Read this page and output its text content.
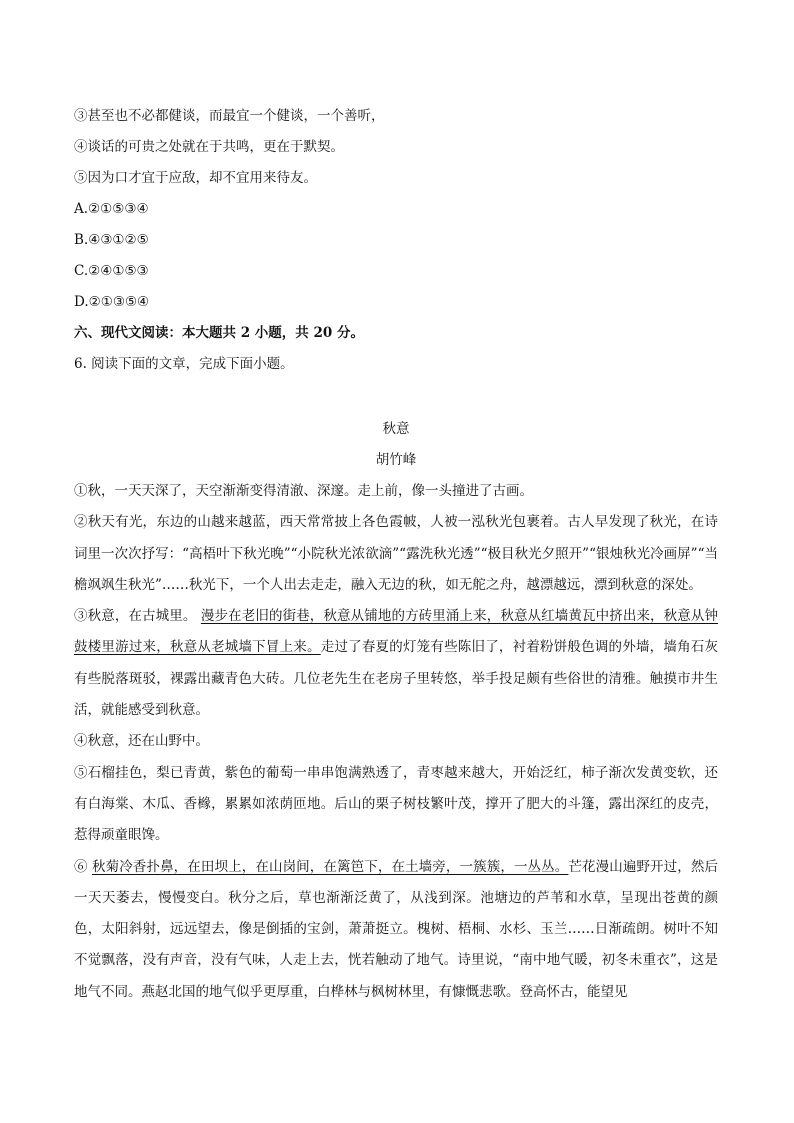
③甚至也不必都健谈，而最宜一个健谈，一个善听，
④谈话的可贵之处就在于共鸣，更在于默契。
⑤因为口才宜于应敌，却不宜用来待友。
A.②①⑤③④
B.④③①②⑤
C.②④①⑤③
D.②①③⑤④
六、现代文阅读：本大题共 2 小题，共 20 分。
6. 阅读下面的文章，完成下面小题。
秋意
胡竹峰
①秋，一天天深了，天空渐渐变得清澈、深邃。走上前，像一头撞进了古画。
②秋天有光，东边的山越来越蓝，西天常常披上各色霞帔，人被一泓秋光包裹着。古人早发现了秋光，在诗词里一次次抒写：“高梧叶下秋光晚”“小院秋光浓欲滴”“露洗秋光透”“极目秋光夕照开”“银烛秋光冷画屏”“当檐飒飒生秋光”……秋光下，一个人出去走走，融入无边的秋，如无舵之舟，越漂越远，漂到秋意的深处。
③秋意，在古城里。 漫步在老旧的街巷，秋意从铺地的方砖里涌上来，秋意从红墙黄瓦中挤出来，秋意从钟鼓楼里游过来，秋意从老城墙下冒上来。走过了春夏的灯笼有些陈旧了，衬着粉饼般色调的外墙，墙角石灰有些脱落斑驳，裸露出藏青色大砖。几位老先生在老房子里转悠，举手投足颇有些俗世的清雅。触摸市井生活，就能感受到秋意。
④秋意，还在山野中。
⑤石榴挂色，梨已青黄，紫色的葡萄一串串饱满熟透了，青枣越来越大，开始泛红，柿子渐次发黄变软，还有白海棠、木瓜、香橼，累累如浓荫匝地。后山的栗子树枝繁叶茂，撑开了肥大的斗篷，露出深红的皮壳，惹得顽童眼馋。
⑥ 秋菊冷香扑鼻，在田坝上，在山岗间，在篱笆下，在土墙旁，一簇簇，一丛丛。芒花漫山遍野开过，然后一天天萎去，慢慢变白。秋分之后，草也渐渐泛黄了，从浅到深。池塘边的芦苇和水草，呈现出苍黄的颜色，太阳斜射，远远望去，像是倒插的宝剑，萧萧挺立。槐树、梧桐、水杉、玉兰……日渐疏朗。树叶不知不觉飘落，没有声音，没有气味，人走上去，恍若触动了地气。诗里说，“南中地气暖，初冬未重衣”，这是地气不同。燕赵北国的地气似乎更厚重，白桦林与枫树林里，有慷慨悲歌。登高怀古，能望见
